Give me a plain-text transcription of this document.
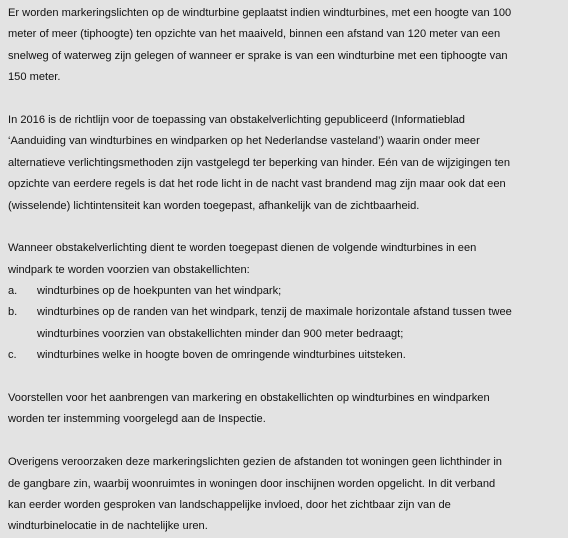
Er worden markeringslichten op de windturbine geplaatst indien windturbines, met een hoogte van 100
meter of meer (tiphoogte) ten opzichte van het maaiveld, binnen een afstand van 120 meter van een
snelweg of waterweg zijn gelegen of wanneer er sprake is van een windturbine met een tiphoogte van
150 meter.

In 2016 is de richtlijn voor de toepassing van obstakelverlichting gepubliceerd (Informatieblad
‘Aanduiding van windturbines en windparken op het Nederlandse vasteland’) waarin onder meer
alternatieve verlichtingsmethoden zijn vastgelegd ter beperking van hinder. Eén van de wijzigingen ten
opzichte van eerdere regels is dat het rode licht in de nacht vast brandend mag zijn maar ook dat een
(wisselende) lichtintensiteit kan worden toegepast, afhankelijk van de zichtbaarheid.

Wanneer obstakelverlichting dient te worden toegepast dienen de volgende windturbines in een
windpark te worden voorzien van obstakellichten:

a.	windturbines op de hoekpunten van het windpark;
b.	windturbines op de randen van het windpark, tenzij de maximale horizontale afstand tussen twee
windturbines voorzien van obstakellichten minder dan 900 meter bedraagt;
c.	windturbines welke in hoogte boven de omringende windturbines uitsteken.

Voorstellen voor het aanbrengen van markering en obstakellichten op windturbines en windparken
worden ter instemming voorgelegd aan de Inspectie.

Overigens veroorzaken deze markeringslichten gezien de afstanden tot woningen geen lichthinder in
de gangbare zin, waarbij woonruimtes in woningen door inschijnen worden opgelicht. In dit verband
kan eerder worden gesproken van landschappelijke invloed, door het zichtbaar zijn van de
windturbinelocatie in de nachtelijke uren.
